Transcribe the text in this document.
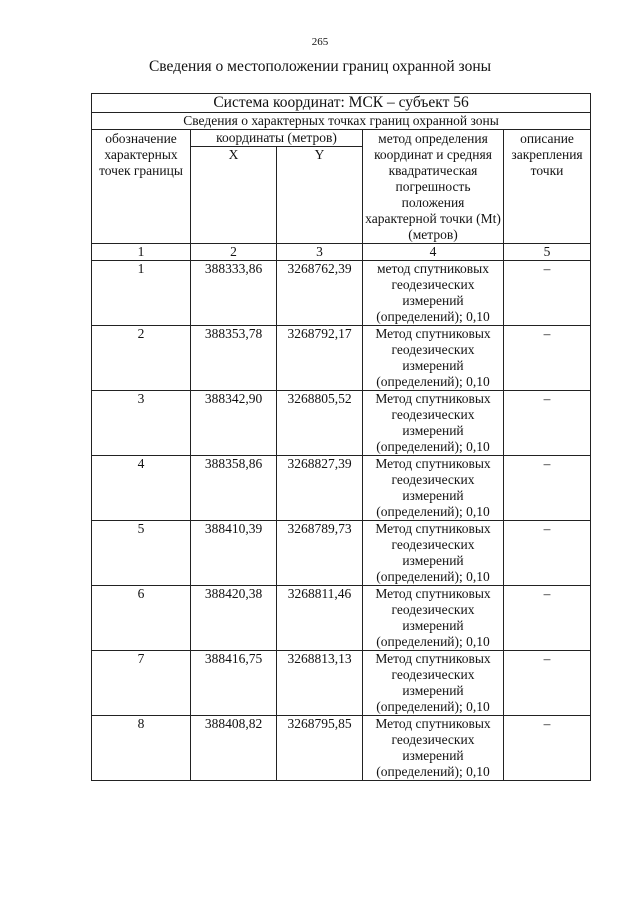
265
Сведения о местоположении границ охранной зоны
Система координат: МСК – субъект 56				
Сведения о характерных точках границ охранной зоны				
обозначение характерных точек границы	координаты (метров)		метод определения координат и средняя квадратическая погрешность положения характерной точки (Mt) (метров)	описание закрепления точки
	X	Y		
1	2	3	4	5
1	388333,86	3268762,39	метод спутниковых геодезических измерений (определений); 0,10	–
2	388353,78	3268792,17	Метод спутниковых геодезических измерений (определений); 0,10	–
3	388342,90	3268805,52	Метод спутниковых геодезических измерений (определений); 0,10	–
4	388358,86	3268827,39	Метод спутниковых геодезических измерений (определений); 0,10	–
5	388410,39	3268789,73	Метод спутниковых геодезических измерений (определений); 0,10	–
6	388420,38	3268811,46	Метод спутниковых геодезических измерений (определений); 0,10	–
7	388416,75	3268813,13	Метод спутниковых геодезических измерений (определений); 0,10	–
8	388408,82	3268795,85	Метод спутниковых геодезических измерений (определений); 0,10	–
